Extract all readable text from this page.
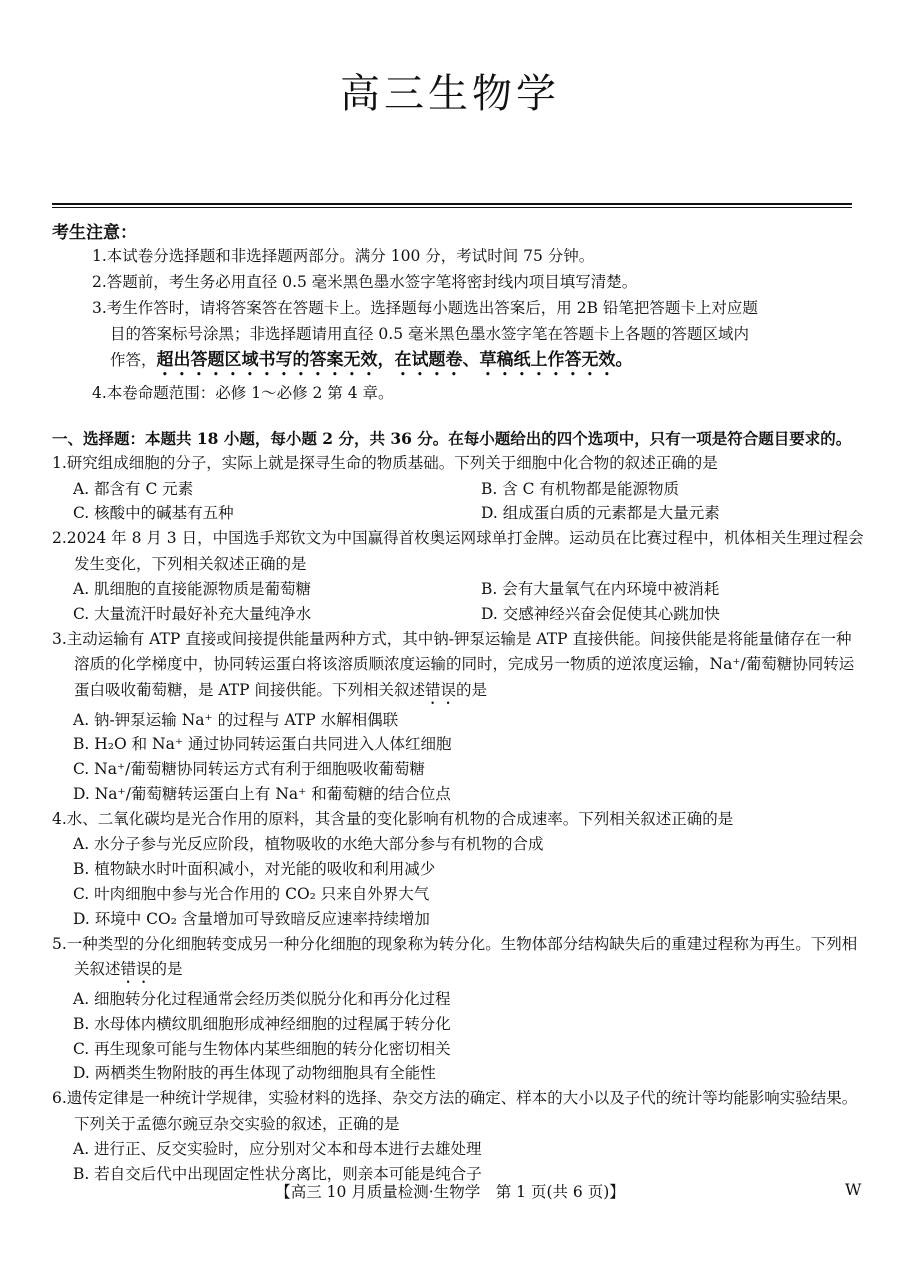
高三生物学
考生注意：
1.本试卷分选择题和非选择题两部分。满分 100 分，考试时间 75 分钟。
2.答题前，考生务必用直径 0.5 毫米黑色墨水签字笔将密封线内项目填写清楚。
3.考生作答时，请将答案答在答题卡上。选择题每小题选出答案后，用 2B 铅笔把答题卡上对应题
目的答案标号涂黑；非选择题请用直径 0.5 毫米黑色墨水签字笔在答题卡上各题的答题区域内
作答，超出答题区域书写的答案无效，在试题卷、草稿纸上作答无效。
4.本卷命题范围：必修 1～必修 2 第 4 章。
一、选择题：本题共 18 小题，每小题 2 分，共 36 分。在每小题给出的四个选项中，只有一项是符合题目要求的。
1.研究组成细胞的分子，实际上就是探寻生命的物质基础。下列关于细胞中化合物的叙述正确的是
A. 都含有 C 元素	B. 含 C 有机物都是能源物质
C. 核酸中的碱基有五种	D. 组成蛋白质的元素都是大量元素
2.2024 年 8 月 3 日，中国选手郑钦文为中国赢得首枚奥运网球单打金牌。运动员在比赛过程中，机体相关生理过程会发生变化，下列相关叙述正确的是
A. 肌细胞的直接能源物质是葡萄糖	B. 会有大量氧气在内环境中被消耗
C. 大量流汗时最好补充大量纯净水	D. 交感神经兴奋会促使其心跳加快
3.主动运输有 ATP 直接或间接提供能量两种方式，其中钠-钾泵运输是 ATP 直接供能。间接供能是将能量储存在一种溶质的化学梯度中，协同转运蛋白将该溶质顺浓度运输的同时，完成另一物质的逆浓度运输，Na⁺/葡萄糖协同转运蛋白吸收葡萄糖，是 ATP 间接供能。下列相关叙述错误的是
A. 钠-钾泵运输 Na⁺ 的过程与 ATP 水解相偶联
B. H₂O 和 Na⁺ 通过协同转运蛋白共同进入人体红细胞
C. Na⁺/葡萄糖协同转运方式有利于细胞吸收葡萄糖
D. Na⁺/葡萄糖转运蛋白上有 Na⁺ 和葡萄糖的结合位点
4.水、二氧化碳均是光合作用的原料，其含量的变化影响有机物的合成速率。下列相关叙述正确的是
A. 水分子参与光反应阶段，植物吸收的水绝大部分参与有机物的合成
B. 植物缺水时叶面积减小，对光能的吸收和利用减少
C. 叶肉细胞中参与光合作用的 CO₂ 只来自外界大气
D. 环境中 CO₂ 含量增加可导致暗反应速率持续增加
5.一种类型的分化细胞转变成另一种分化细胞的现象称为转分化。生物体部分结构缺失后的重建过程称为再生。下列相关叙述错误的是
A. 细胞转分化过程通常会经历类似脱分化和再分化过程
B. 水母体内横纹肌细胞形成神经细胞的过程属于转分化
C. 再生现象可能与生物体内某些细胞的转分化密切相关
D. 两栖类生物附肢的再生体现了动物细胞具有全能性
6.遗传定律是一种统计学规律，实验材料的选择、杂交方法的确定、样本的大小以及子代的统计等均能影响实验结果。下列关于孟德尔豌豆杂交实验的叙述，正确的是
A. 进行正、反交实验时，应分别对父本和母本进行去雄处理
B. 若自交后代中出现固定性状分离比，则亲本可能是纯合子
【高三 10 月质量检测·生物学　第 1 页(共 6 页)】	W
